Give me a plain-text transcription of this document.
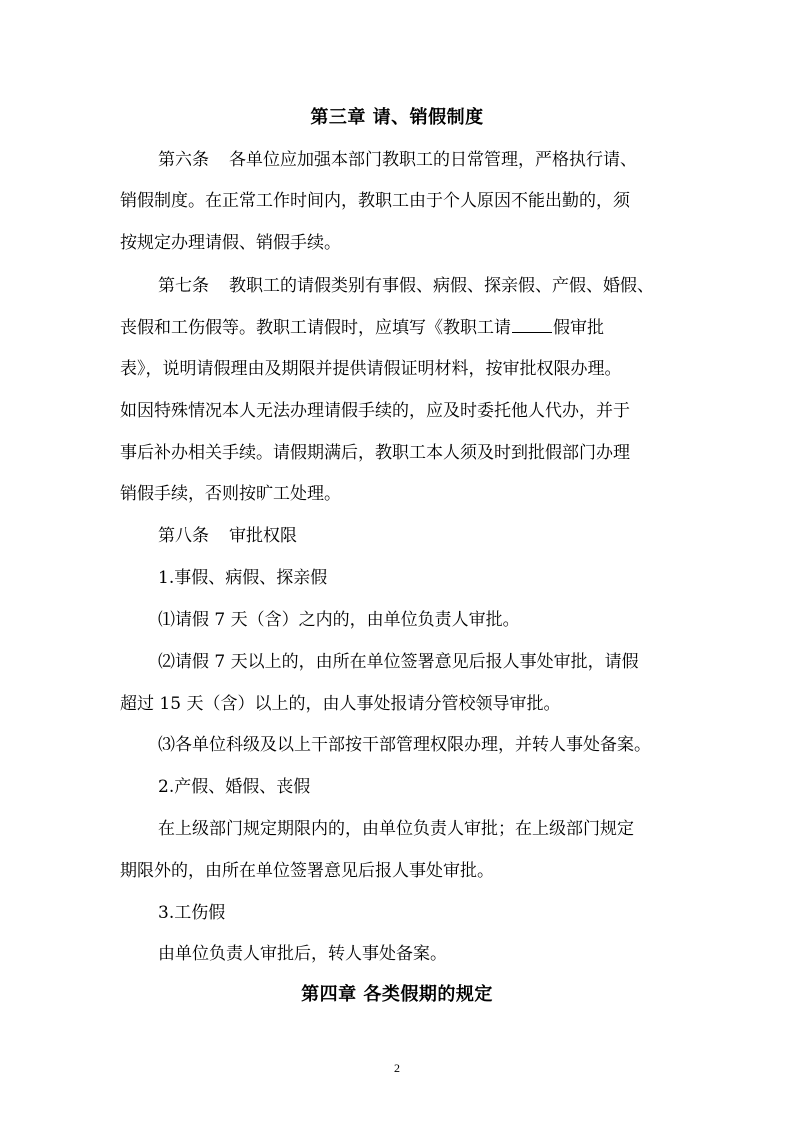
第三章 请、销假制度
第六条 各单位应加强本部门教职工的日常管理，严格执行请、
销假制度。在正常工作时间内，教职工由于个人原因不能出勤的，须
按规定办理请假、销假手续。
第七条 教职工的请假类别有事假、病假、探亲假、产假、婚假、
丧假和工伤假等。教职工请假时，应填写《教职工请 假审批
表》，说明请假理由及期限并提供请假证明材料，按审批权限办理。
如因特殊情况本人无法办理请假手续的，应及时委托他人代办，并于
事后补办相关手续。请假期满后，教职工本人须及时到批假部门办理
销假手续，否则按旷工处理。
第八条 审批权限
1.事假、病假、探亲假
⑴请假 7 天（含）之内的，由单位负责人审批。
⑵请假 7 天以上的，由所在单位签署意见后报人事处审批，请假
超过 15 天（含）以上的，由人事处报请分管校领导审批。
⑶各单位科级及以上干部按干部管理权限办理，并转人事处备案。
2.产假、婚假、丧假
在上级部门规定期限内的，由单位负责人审批；在上级部门规定
期限外的，由所在单位签署意见后报人事处审批。
3.工伤假
由单位负责人审批后，转人事处备案。
第四章 各类假期的规定
2
